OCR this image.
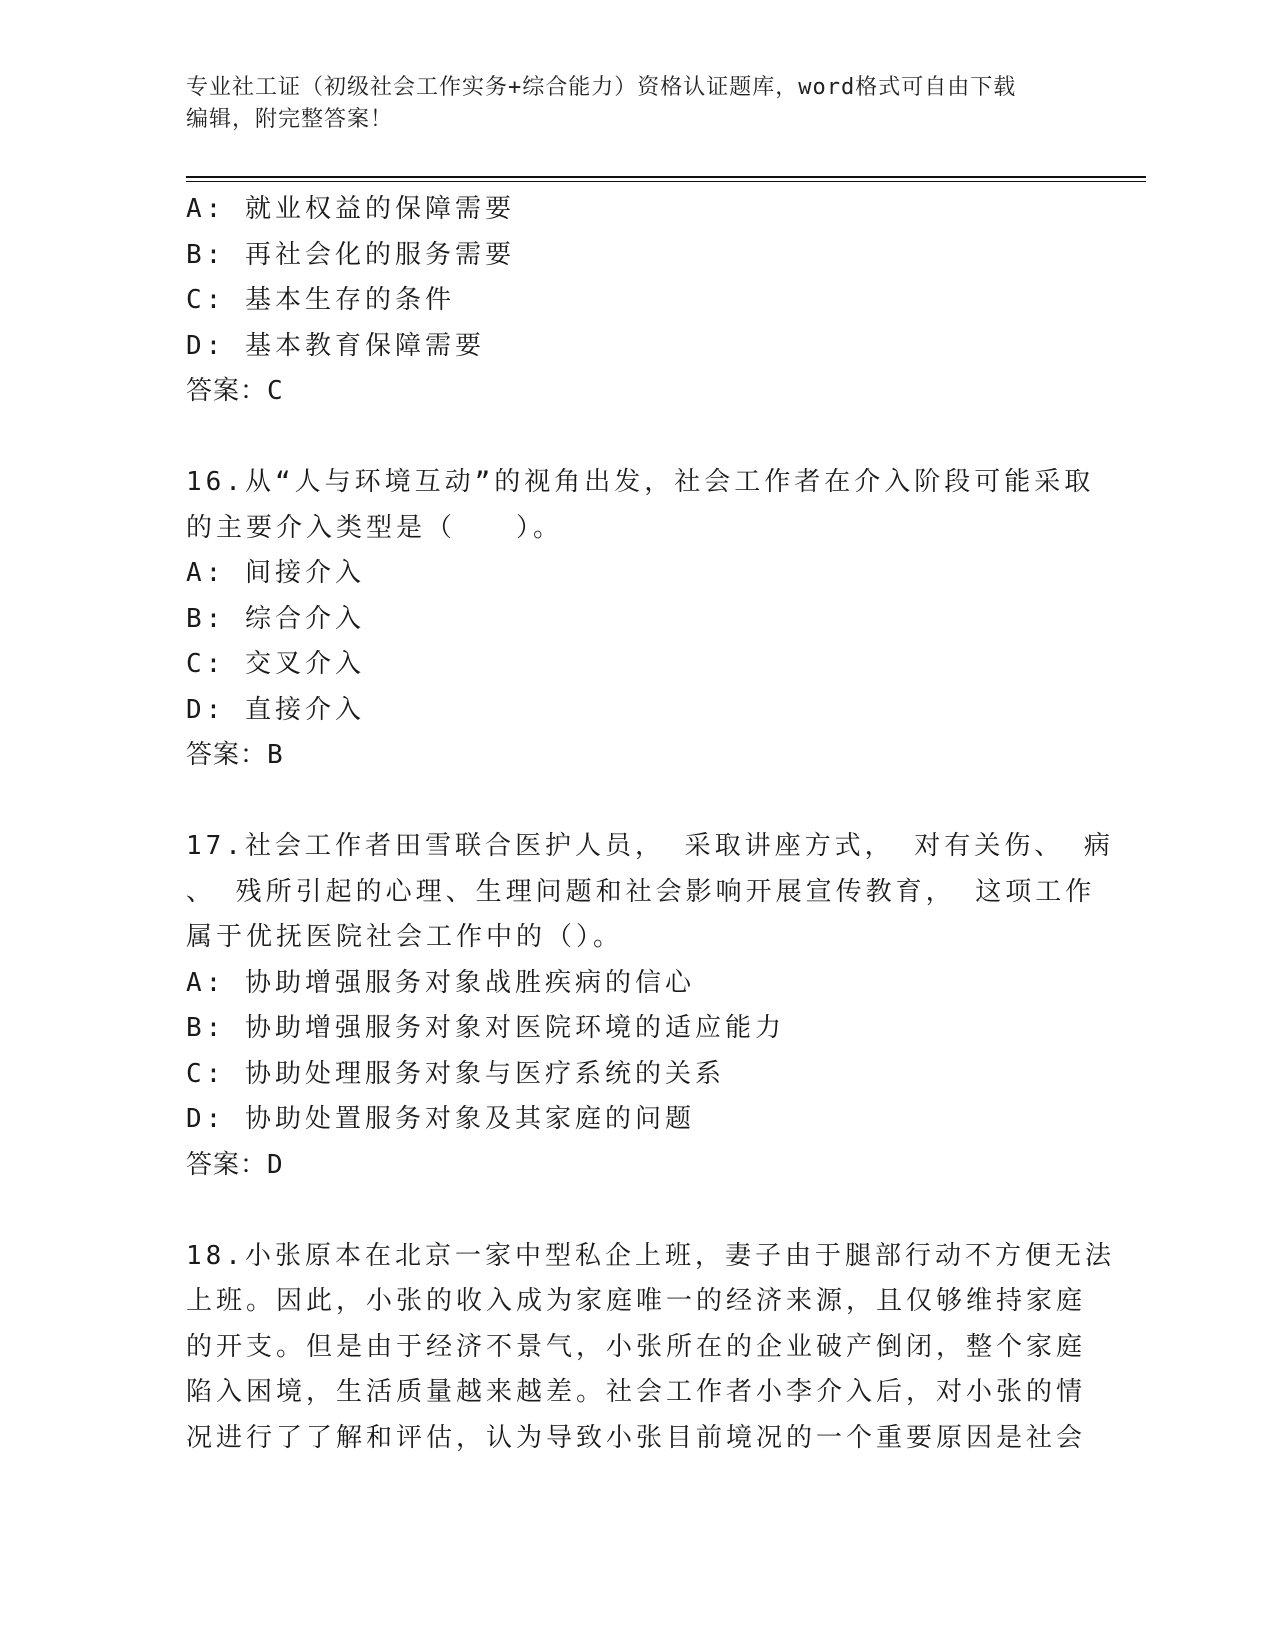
专业社工证（初级社会工作实务+综合能力）资格认证题库，word格式可自由下载
编辑，附完整答案！
A: 就业权益的保障需要
B: 再社会化的服务需要
C: 基本生存的条件
D: 基本教育保障需要
答案：C
16.从“人与环境互动”的视角出发，社会工作者在介入阶段可能采取
的主要介入类型是（　　）。
A: 间接介入
B: 综合介入
C: 交叉介入
D: 直接介入
答案：B
17.社会工作者田雪联合医护人员， 采取讲座方式， 对有关伤、 病
、 残所引起的心理、生理问题和社会影响开展宣传教育， 这项工作
属于优抚医院社会工作中的（）。
A: 协助增强服务对象战胜疾病的信心
B: 协助增强服务对象对医院环境的适应能力
C: 协助处理服务对象与医疗系统的关系
D: 协助处置服务对象及其家庭的问题
答案：D
18.小张原本在北京一家中型私企上班，妻子由于腿部行动不方便无法
上班。因此，小张的收入成为家庭唯一的经济来源，且仅够维持家庭
的开支。但是由于经济不景气，小张所在的企业破产倒闭，整个家庭
陷入困境，生活质量越来越差。社会工作者小李介入后，对小张的情
况进行了了解和评估，认为导致小张目前境况的一个重要原因是社会
